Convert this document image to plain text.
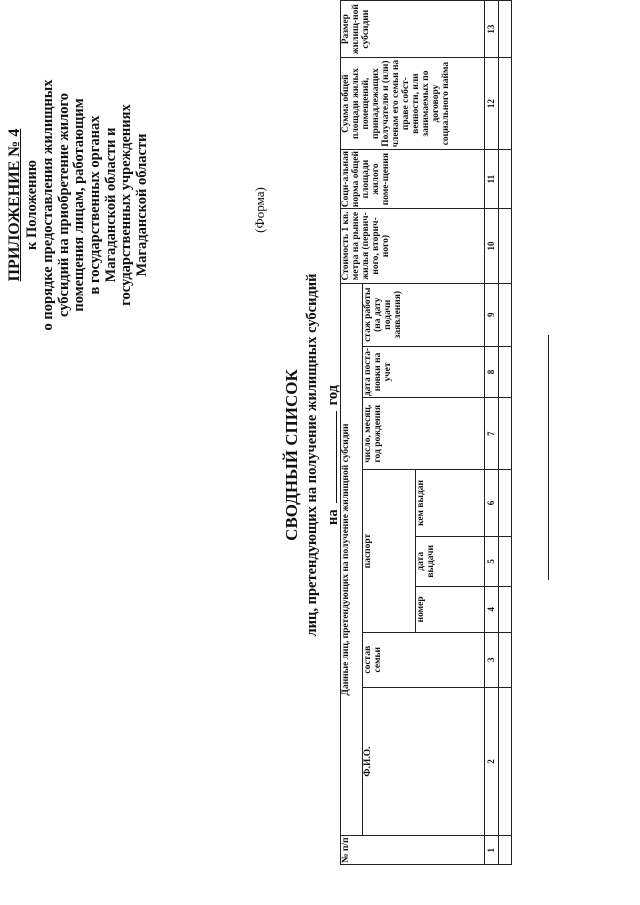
ПРИЛОЖЕНИЕ № 4 к Положению о порядке предоставления жилищных субсидий на приобретение жилого помещения лицам, работающим в государственных органах Магаданской области и государственных учреждениях Магаданской области	(Форма)
СВОДНЫЙ СПИСОК лиц, претендующих на получение жилищных субсидий нагод
№ п/п	Данные лиц, претендующих на получение жилищной субсидии								Стоимость 1 кв. метра на рынке жилья (первич-ного, вторич-ного)	Соци-альная норма общей площади жилого поме-щения	Сумма общей площади жилых помещений, принадлежащих Получателю и (или) членам его семьи на праве собст-венности, или занимаемых по договору социального найма	Размер жилищ-ной субсидии
	Ф.И.О.	состав семьи	паспорт			число, месяц, год рождения	дата поста-новки на учет	стаж работы (на дату подачи заявления)				
			номер	дата выдачи	кем выдан							
1	2	3	4	5	6	7	8	9	10	11	12	13
